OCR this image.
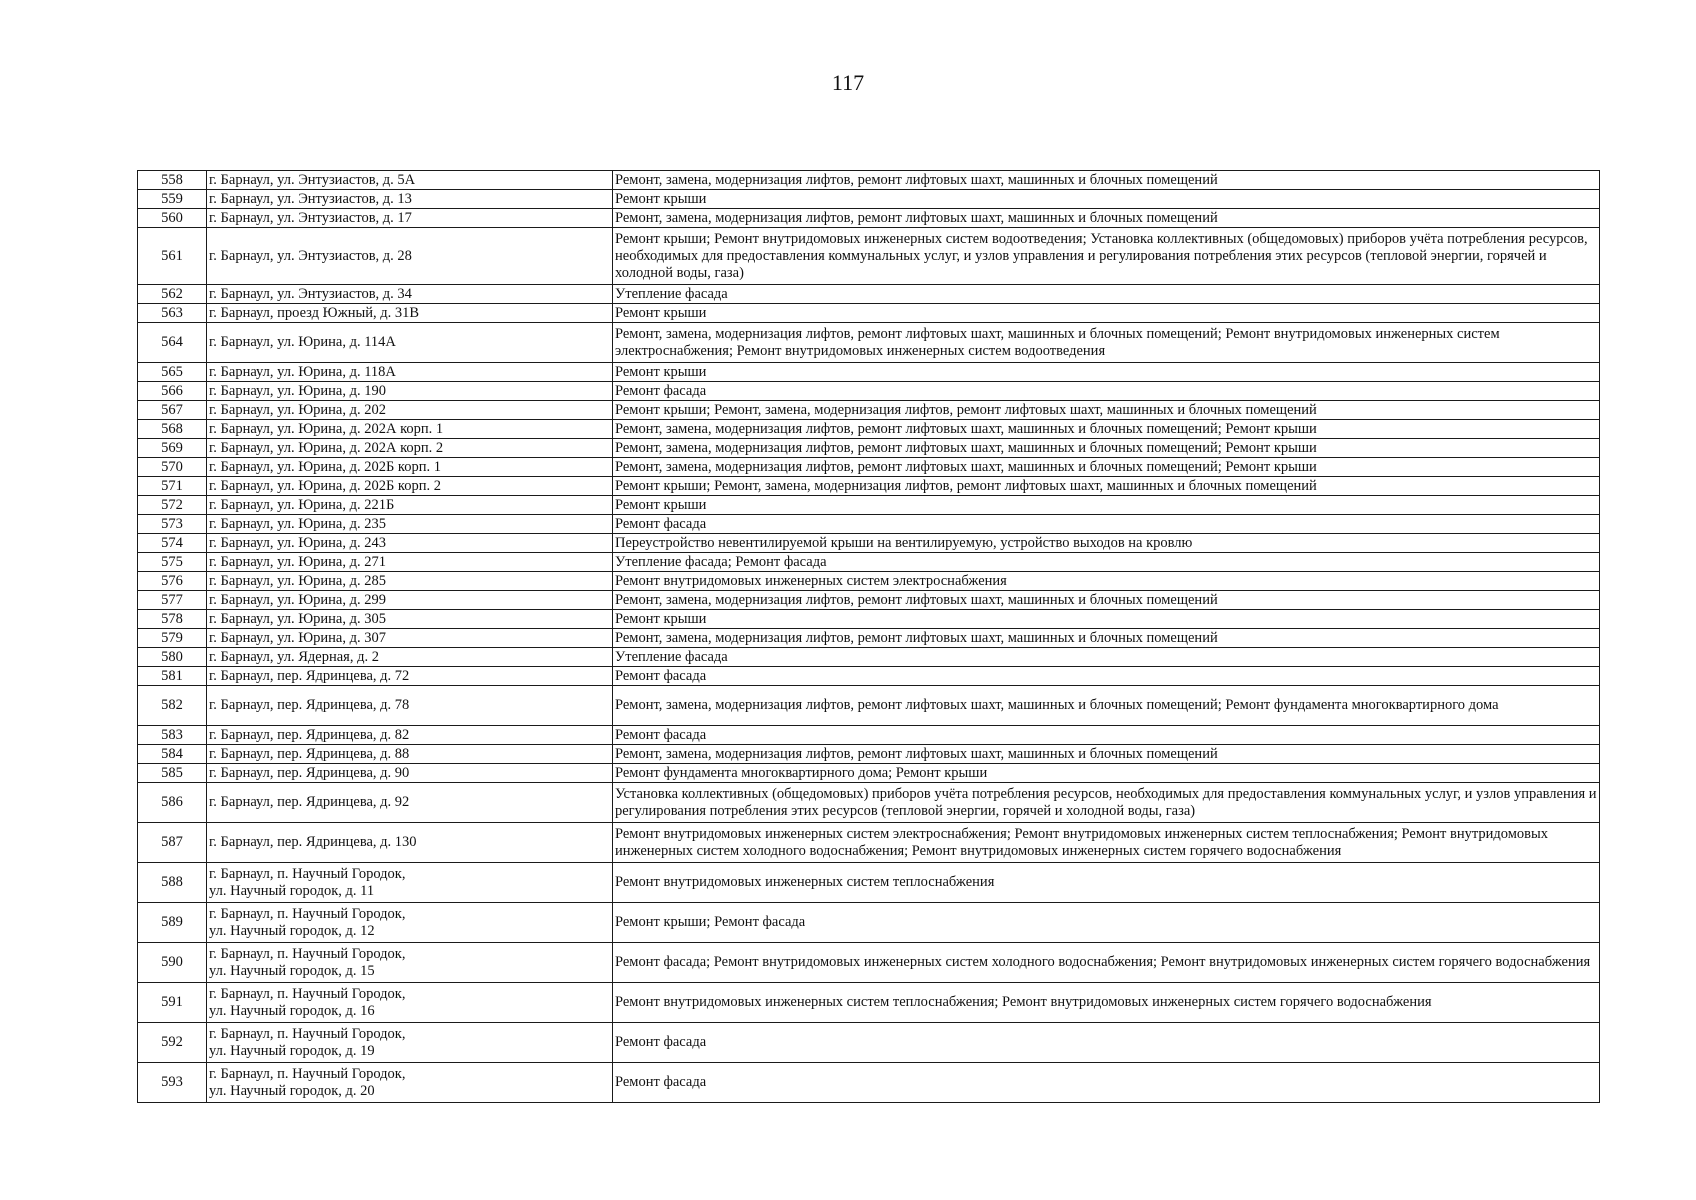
117
558	г. Барнаул, ул. Энтузиастов, д. 5А	Ремонт, замена, модернизация лифтов, ремонт лифтовых шахт, машинных и блочных помещений
559	г. Барнаул, ул. Энтузиастов, д. 13	Ремонт крыши
560	г. Барнаул, ул. Энтузиастов, д. 17	Ремонт, замена, модернизация лифтов, ремонт лифтовых шахт, машинных и блочных помещений
561	г. Барнаул, ул. Энтузиастов, д. 28	Ремонт крыши; Ремонт внутридомовых инженерных систем водоотведения; Установка коллективных (общедомовых) приборов учёта потребления ресурсов, необходимых для предоставления коммунальных услуг, и узлов управления и регулирования потребления этих ресурсов (тепловой энергии, горячей и холодной воды, газа)
562	г. Барнаул, ул. Энтузиастов, д. 34	Утепление фасада
563	г. Барнаул, проезд Южный, д. 31В	Ремонт крыши
564	г. Барнаул, ул. Юрина, д. 114А	Ремонт, замена, модернизация лифтов, ремонт лифтовых шахт, машинных и блочных помещений; Ремонт внутридомовых инженерных систем электроснабжения; Ремонт внутридомовых инженерных систем водоотведения
565	г. Барнаул, ул. Юрина, д. 118А	Ремонт крыши
566	г. Барнаул, ул. Юрина, д. 190	Ремонт фасада
567	г. Барнаул, ул. Юрина, д. 202	Ремонт крыши; Ремонт, замена, модернизация лифтов, ремонт лифтовых шахт, машинных и блочных помещений
568	г. Барнаул, ул. Юрина, д. 202А корп. 1	Ремонт, замена, модернизация лифтов, ремонт лифтовых шахт, машинных и блочных помещений; Ремонт крыши
569	г. Барнаул, ул. Юрина, д. 202А корп. 2	Ремонт, замена, модернизация лифтов, ремонт лифтовых шахт, машинных и блочных помещений; Ремонт крыши
570	г. Барнаул, ул. Юрина, д. 202Б корп. 1	Ремонт, замена, модернизация лифтов, ремонт лифтовых шахт, машинных и блочных помещений; Ремонт крыши
571	г. Барнаул, ул. Юрина, д. 202Б корп. 2	Ремонт крыши; Ремонт, замена, модернизация лифтов, ремонт лифтовых шахт, машинных и блочных помещений
572	г. Барнаул, ул. Юрина, д. 221Б	Ремонт крыши
573	г. Барнаул, ул. Юрина, д. 235	Ремонт фасада
574	г. Барнаул, ул. Юрина, д. 243	Переустройство невентилируемой крыши на вентилируемую, устройство выходов на кровлю
575	г. Барнаул, ул. Юрина, д. 271	Утепление фасада; Ремонт фасада
576	г. Барнаул, ул. Юрина, д. 285	Ремонт внутридомовых инженерных систем электроснабжения
577	г. Барнаул, ул. Юрина, д. 299	Ремонт, замена, модернизация лифтов, ремонт лифтовых шахт, машинных и блочных помещений
578	г. Барнаул, ул. Юрина, д. 305	Ремонт крыши
579	г. Барнаул, ул. Юрина, д. 307	Ремонт, замена, модернизация лифтов, ремонт лифтовых шахт, машинных и блочных помещений
580	г. Барнаул, ул. Ядерная, д. 2	Утепление фасада
581	г. Барнаул, пер. Ядринцева, д. 72	Ремонт фасада
582	г. Барнаул, пер. Ядринцева, д. 78	Ремонт, замена, модернизация лифтов, ремонт лифтовых шахт, машинных и блочных помещений; Ремонт фундамента многоквартирного дома
583	г. Барнаул, пер. Ядринцева, д. 82	Ремонт фасада
584	г. Барнаул, пер. Ядринцева, д. 88	Ремонт, замена, модернизация лифтов, ремонт лифтовых шахт, машинных и блочных помещений
585	г. Барнаул, пер. Ядринцева, д. 90	Ремонт фундамента многоквартирного дома; Ремонт крыши
586	г. Барнаул, пер. Ядринцева, д. 92	Установка коллективных (общедомовых) приборов учёта потребления ресурсов, необходимых для предоставления коммунальных услуг, и узлов управления и регулирования потребления этих ресурсов (тепловой энергии, горячей и холодной воды, газа)
587	г. Барнаул, пер. Ядринцева, д. 130	Ремонт внутридомовых инженерных систем электроснабжения; Ремонт внутридомовых инженерных систем теплоснабжения; Ремонт внутридомовых инженерных систем холодного водоснабжения; Ремонт внутридомовых инженерных систем горячего водоснабжения
588	г. Барнаул, п. Научный Городок,
ул. Научный городок, д. 11	Ремонт внутридомовых инженерных систем теплоснабжения
589	г. Барнаул, п. Научный Городок,
ул. Научный городок, д. 12	Ремонт крыши; Ремонт фасада
590	г. Барнаул, п. Научный Городок,
ул. Научный городок, д. 15	Ремонт фасада; Ремонт внутридомовых инженерных систем холодного водоснабжения; Ремонт внутридомовых инженерных систем горячего водоснабжения
591	г. Барнаул, п. Научный Городок,
ул. Научный городок, д. 16	Ремонт внутридомовых инженерных систем теплоснабжения; Ремонт внутридомовых инженерных систем горячего водоснабжения
592	г. Барнаул, п. Научный Городок,
ул. Научный городок, д. 19	Ремонт фасада
593	г. Барнаул, п. Научный Городок,
ул. Научный городок, д. 20	Ремонт фасада
